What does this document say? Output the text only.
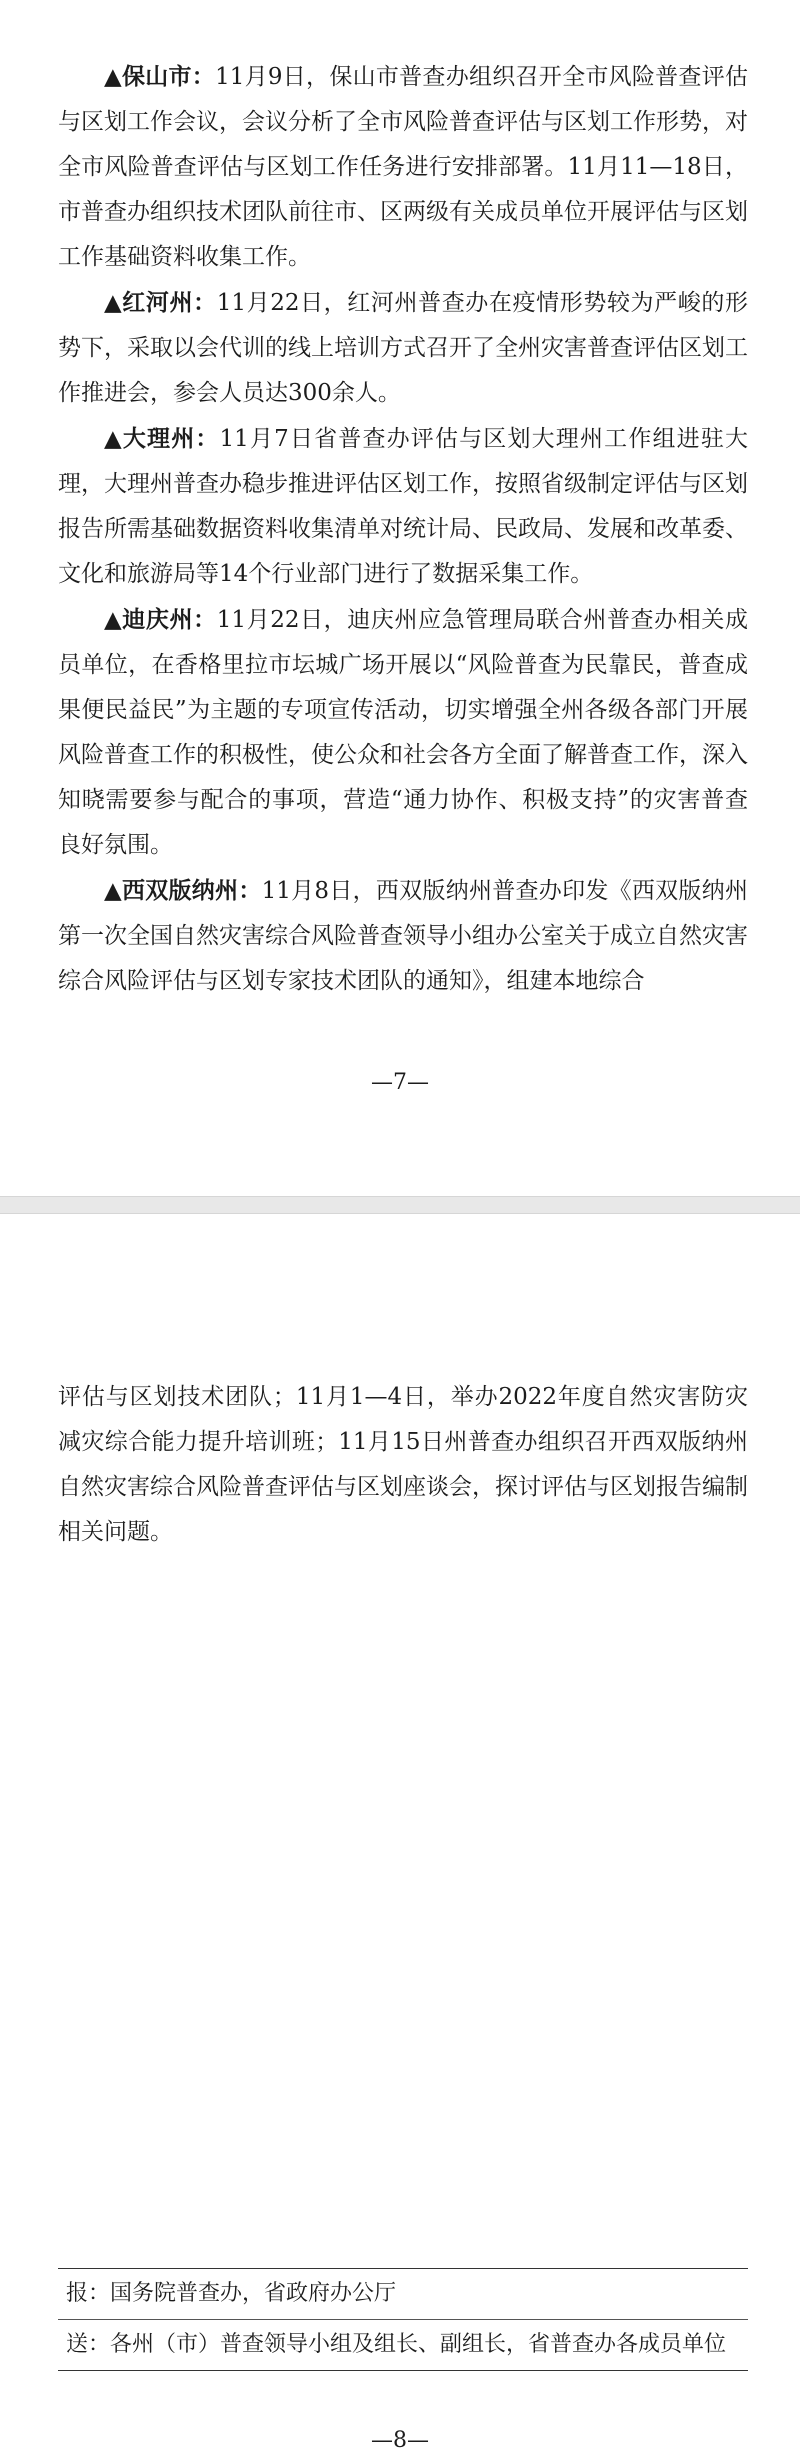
▲保山市：11月9日，保山市普查办组织召开全市风险普查评估与区划工作会议，会议分析了全市风险普查评估与区划工作形势，对全市风险普查评估与区划工作任务进行安排部署。11月11—18日，市普查办组织技术团队前往市、区两级有关成员单位开展评估与区划工作基础资料收集工作。

▲红河州：11月22日，红河州普查办在疫情形势较为严峻的形势下，采取以会代训的线上培训方式召开了全州灾害普查评估区划工作推进会，参会人员达300余人。

▲大理州：11月7日省普查办评估与区划大理州工作组进驻大理，大理州普查办稳步推进评估区划工作，按照省级制定评估与区划报告所需基础数据资料收集清单对统计局、民政局、发展和改革委、文化和旅游局等14个行业部门进行了数据采集工作。

▲迪庆州：11月22日，迪庆州应急管理局联合州普查办相关成员单位，在香格里拉市坛城广场开展以“风险普查为民靠民，普查成果便民益民”为主题的专项宣传活动，切实增强全州各级各部门开展风险普查工作的积极性，使公众和社会各方全面了解普查工作，深入知晓需要参与配合的事项，营造“通力协作、积极支持”的灾害普查良好氛围。

▲西双版纳州：11月8日，西双版纳州普查办印发《西双版纳州第一次全国自然灾害综合风险普查领导小组办公室关于成立自然灾害综合风险评估与区划专家技术团队的通知》，组建本地综合

—7—

评估与区划技术团队；11月1—4日，举办2022年度自然灾害防灾减灾综合能力提升培训班；11月15日州普查办组织召开西双版纳州自然灾害综合风险普查评估与区划座谈会，探讨评估与区划报告编制相关问题。

报：国务院普查办，省政府办公厅
送：各州（市）普查领导小组及组长、副组长，省普查办各成员单位
—8—
